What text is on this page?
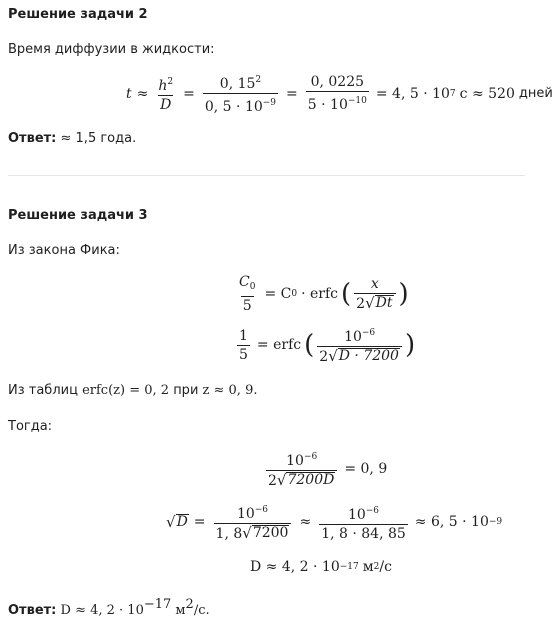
Решение задачи 2
Время диффузии в жидкости:
$t \approx \frac{h^2}{D} = \frac{0, 15^2}{0, 5 \cdot 10^{-9}} = \frac{0, 0225}{5 \cdot 10^{-10}} = 4$, 5 · 10 7 с ≈ 520 дней
Ответ: ≈ 1,5 года.
Решение задачи 3
Из закона Фика:
$\frac{C_0}{5} = C$ 0 · erfc ( $\frac{x}{2 √ Dt}$ )
$\frac{1}{5}$ = erfc ( $\frac{10^{-6}}{2 √ D \cdot 7200}$ )
Из таблиц erfc(z) = 0, 2 при z ≈ 0, 9.
Тогда:
$\frac{10^{-6}}{2 √ 7200D} = 0$, 9
√ $D = \frac{10^{-6}}{1, 8 √ 7200} \approx \frac{10^{-6}}{1, 8 \cdot 84, 85} \approx 6$, 5 · 10 −9
D ≈ 4, 2 · 10 −17 м 2 /с
Ответ: D ≈ 4, 2 · 10−17 м2/с.
